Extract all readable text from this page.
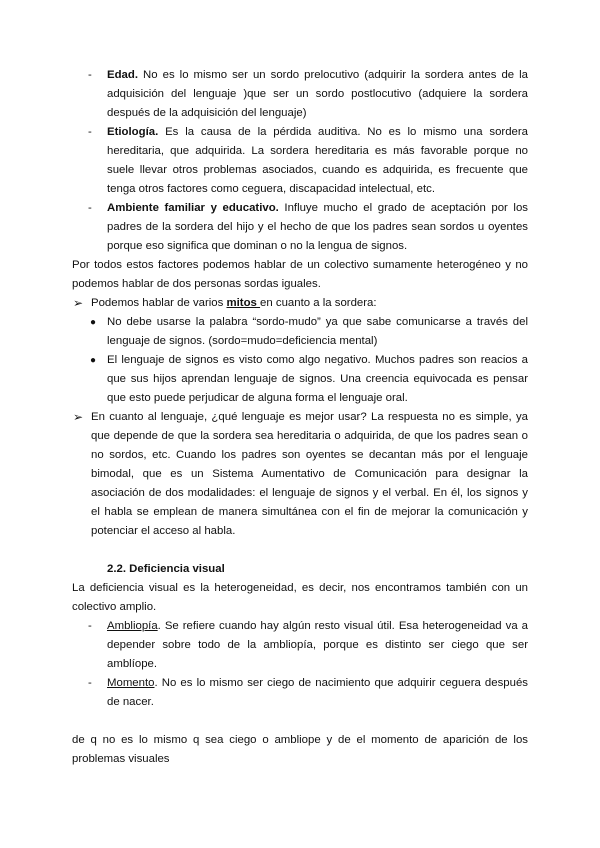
- Edad. No es lo mismo ser un sordo prelocutivo (adquirir la sordera antes de la adquisición del lenguaje )que ser un sordo postlocutivo (adquiere la sordera después de la adquisición del lenguaje)
- Etiología. Es la causa de la pérdida auditiva. No es lo mismo una sordera hereditaria, que adquirida. La sordera hereditaria es más favorable porque no suele llevar otros problemas asociados, cuando es adquirida, es frecuente que tenga otros factores como ceguera, discapacidad intelectual, etc.
- Ambiente familiar y educativo. Influye mucho el grado de aceptación por los padres de la sordera del hijo y el hecho de que los padres sean sordos u oyentes porque eso significa que dominan o no la lengua de signos.

Por todos estos factores podemos hablar de un colectivo sumamente heterogéneo y no podemos hablar de dos personas sordas iguales.

➢ Podemos hablar de varios mitos en cuanto a la sordera:
● No debe usarse la palabra “sordo-mudo” ya que sabe comunicarse a través del lenguaje de signos. (sordo=mudo=deficiencia mental)
● El lenguaje de signos es visto como algo negativo. Muchos padres son reacios a que sus hijos aprendan lenguaje de signos. Una creencia equivocada es pensar que esto puede perjudicar de alguna forma el lenguaje oral.
➢ En cuanto al lenguaje, ¿qué lenguaje es mejor usar? La respuesta no es simple, ya que depende de que la sordera sea hereditaria o adquirida, de que los padres sean o no sordos, etc. Cuando los padres son oyentes se decantan más por el lenguaje bimodal, que es un Sistema Aumentativo de Comunicación para designar la asociación de dos modalidades: el lenguaje de signos y el verbal. En él, los signos y el habla se emplean de manera simultánea con el fin de mejorar la comunicación y potenciar el acceso al habla.
2.2. Deficiencia visual

La deficiencia visual es la heterogeneidad, es decir, nos encontramos también con un colectivo amplio.

- Ambliopía. Se refiere cuando hay algún resto visual útil. Esa heterogeneidad va a depender sobre todo de la ambliopía, porque es distinto ser ciego que ser amblíope.
- Momento. No es lo mismo ser ciego de nacimiento que adquirir ceguera después de nacer.

de q no es lo mismo q sea ciego o ambliope y de el momento de aparición de los problemas visuales
